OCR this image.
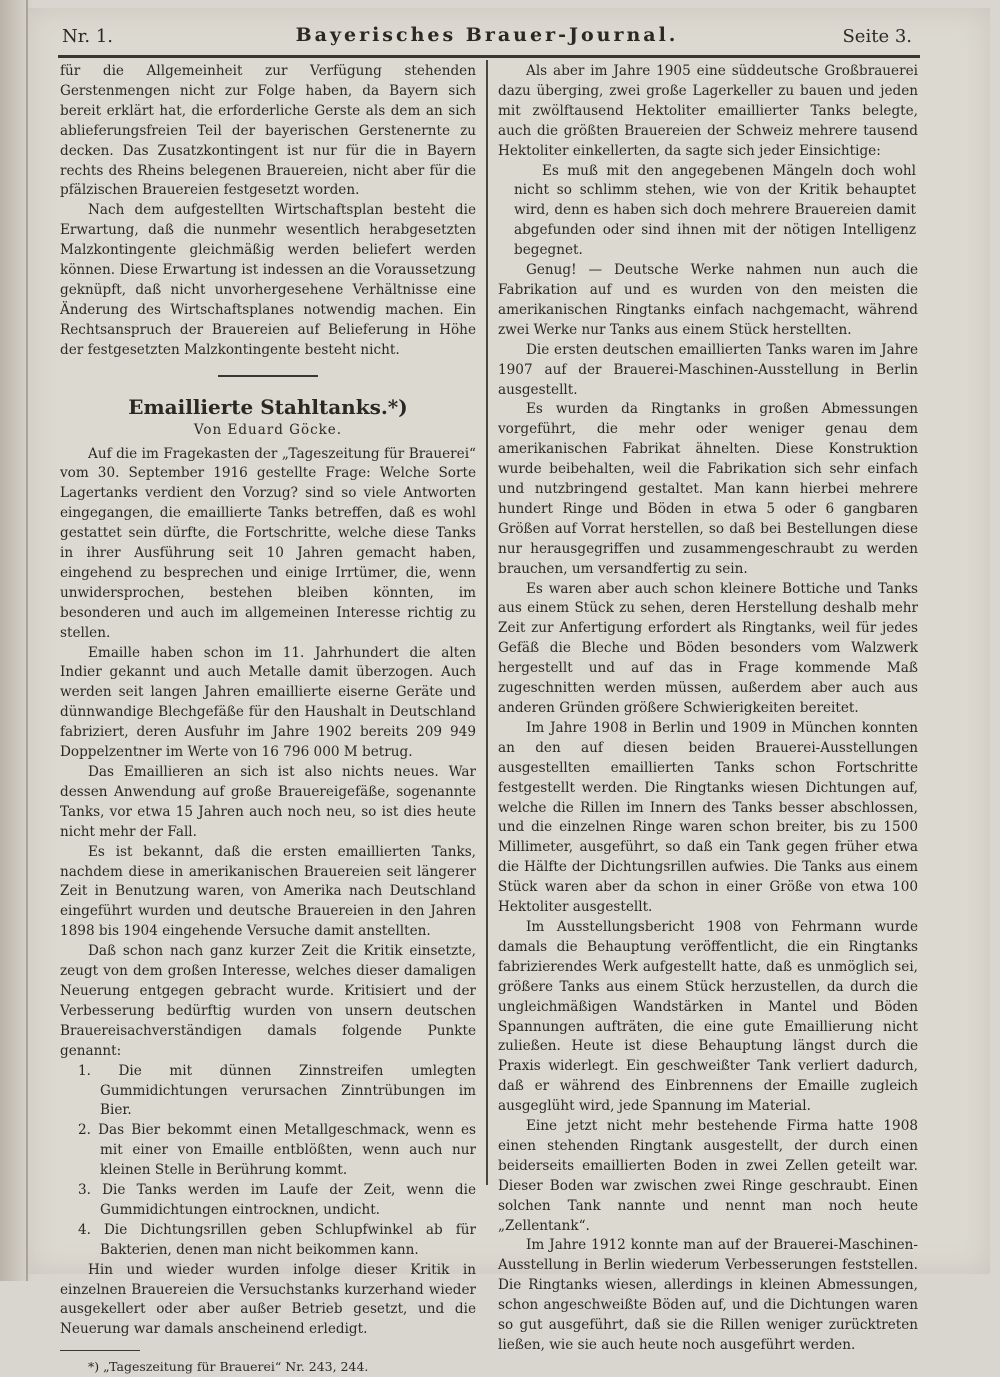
Nr. 1.	Bayerisches Brauer-Journal.	Seite 3.

für die Allgemeinheit zur Verfügung stehenden Gerstenmengen nicht zur Folge haben, da Bayern sich bereit erklärt hat, die erforderliche Gerste als dem an sich ablieferungsfreien Teil der bayerischen Gerstenernte zu decken. Das Zusatzkontingent ist nur für die in Bayern rechts des Rheins belegenen Brauereien, nicht aber für die pfälzischen Brauereien festgesetzt worden.

Nach dem aufgestellten Wirtschaftsplan besteht die Erwartung, daß die nunmehr wesentlich herabgesetzten Malzkontingente gleichmäßig werden beliefert werden können. Diese Erwartung ist indessen an die Voraussetzung geknüpft, daß nicht unvorhergesehene Verhältnisse eine Änderung des Wirtschaftsplanes notwendig machen. Ein Rechtsanspruch der Brauereien auf Belieferung in Höhe der festgesetzten Malzkontingente besteht nicht.

Emaillierte Stahltanks.*)
Von Eduard Göcke.

Auf die im Fragekasten der „Tageszeitung für Brauerei“ vom 30. September 1916 gestellte Frage: Welche Sorte Lagertanks verdient den Vorzug? sind so viele Antworten eingegangen, die emaillierte Tanks betreffen, daß es wohl gestattet sein dürfte, die Fortschritte, welche diese Tanks in ihrer Ausführung seit 10 Jahren gemacht haben, eingehend zu besprechen und einige Irrtümer, die, wenn unwidersprochen, bestehen bleiben könnten, im besonderen und auch im allgemeinen Interesse richtig zu stellen.

Emaille haben schon im 11. Jahrhundert die alten Indier gekannt und auch Metalle damit überzogen. Auch werden seit langen Jahren emaillierte eiserne Geräte und dünnwandige Blechgefäße für den Haushalt in Deutschland fabriziert, deren Ausfuhr im Jahre 1902 bereits 209 949 Doppelzentner im Werte von 16 796 000 M betrug.

Das Emaillieren an sich ist also nichts neues. War dessen Anwendung auf große Brauereigefäße, sogenannte Tanks, vor etwa 15 Jahren auch noch neu, so ist dies heute nicht mehr der Fall.

Es ist bekannt, daß die ersten emaillierten Tanks, nachdem diese in amerikanischen Brauereien seit längerer Zeit in Benutzung waren, von Amerika nach Deutschland eingeführt wurden und deutsche Brauereien in den Jahren 1898 bis 1904 eingehende Versuche damit anstellten.

Daß schon nach ganz kurzer Zeit die Kritik einsetzte, zeugt von dem großen Interesse, welches dieser damaligen Neuerung entgegen gebracht wurde. Kritisiert und der Verbesserung bedürftig wurden von unsern deutschen Brauereisachverständigen damals folgende Punkte genannt:

1. Die mit dünnen Zinnstreifen umlegten Gummidichtungen verursachen Zinntrübungen im Bier.

2. Das Bier bekommt einen Metallgeschmack, wenn es mit einer von Emaille entblößten, wenn auch nur kleinen Stelle in Berührung kommt.

3. Die Tanks werden im Laufe der Zeit, wenn die Gummidichtungen eintrocknen, undicht.

4. Die Dichtungsrillen geben Schlupfwinkel ab für Bakterien, denen man nicht beikommen kann.

Hin und wieder wurden infolge dieser Kritik in einzelnen Brauereien die Versuchstanks kurzerhand wieder ausgekellert oder aber außer Betrieb gesetzt, und die Neuerung war damals anscheinend erledigt.

*) „Tageszeitung für Brauerei“ Nr. 243, 244.

Als aber im Jahre 1905 eine süddeutsche Großbrauerei dazu überging, zwei große Lagerkeller zu bauen und jeden mit zwölftausend Hektoliter emaillierter Tanks belegte, auch die größten Brauereien der Schweiz mehrere tausend Hektoliter einkellerten, da sagte sich jeder Einsichtige:

Es muß mit den angegebenen Mängeln doch wohl nicht so schlimm stehen, wie von der Kritik behauptet wird, denn es haben sich doch mehrere Brauereien damit abgefunden oder sind ihnen mit der nötigen Intelligenz begegnet.

Genug! — Deutsche Werke nahmen nun auch die Fabrikation auf und es wurden von den meisten die amerikanischen Ringtanks einfach nachgemacht, während zwei Werke nur Tanks aus einem Stück herstellten.

Die ersten deutschen emaillierten Tanks waren im Jahre 1907 auf der Brauerei-Maschinen-Ausstellung in Berlin ausgestellt.

Es wurden da Ringtanks in großen Abmessungen vorgeführt, die mehr oder weniger genau dem amerikanischen Fabrikat ähnelten. Diese Konstruktion wurde beibehalten, weil die Fabrikation sich sehr einfach und nutzbringend gestaltet. Man kann hierbei mehrere hundert Ringe und Böden in etwa 5 oder 6 gangbaren Größen auf Vorrat herstellen, so daß bei Bestellungen diese nur herausgegriffen und zusammengeschraubt zu werden brauchen, um versandfertig zu sein.

Es waren aber auch schon kleinere Bottiche und Tanks aus einem Stück zu sehen, deren Herstellung deshalb mehr Zeit zur Anfertigung erfordert als Ringtanks, weil für jedes Gefäß die Bleche und Böden besonders vom Walzwerk hergestellt und auf das in Frage kommende Maß zugeschnitten werden müssen, außerdem aber auch aus anderen Gründen größere Schwierigkeiten bereitet.

Im Jahre 1908 in Berlin und 1909 in München konnten an den auf diesen beiden Brauerei-Ausstellungen ausgestellten emaillierten Tanks schon Fortschritte festgestellt werden. Die Ringtanks wiesen Dichtungen auf, welche die Rillen im Innern des Tanks besser abschlossen, und die einzelnen Ringe waren schon breiter, bis zu 1500 Millimeter, ausgeführt, so daß ein Tank gegen früher etwa die Hälfte der Dichtungsrillen aufwies. Die Tanks aus einem Stück waren aber da schon in einer Größe von etwa 100 Hektoliter ausgestellt.

Im Ausstellungsbericht 1908 von Fehrmann wurde damals die Behauptung veröffentlicht, die ein Ringtanks fabrizierendes Werk aufgestellt hatte, daß es unmöglich sei, größere Tanks aus einem Stück herzustellen, da durch die ungleichmäßigen Wandstärken in Mantel und Böden Spannungen aufträten, die eine gute Emaillierung nicht zuließen. Heute ist diese Behauptung längst durch die Praxis widerlegt. Ein geschweißter Tank verliert dadurch, daß er während des Einbrennens der Emaille zugleich ausgeglüht wird, jede Spannung im Material.

Eine jetzt nicht mehr bestehende Firma hatte 1908 einen stehenden Ringtank ausgestellt, der durch einen beiderseits emaillierten Boden in zwei Zellen geteilt war. Dieser Boden war zwischen zwei Ringe geschraubt. Einen solchen Tank nannte und nennt man noch heute „Zellentank“.

Im Jahre 1912 konnte man auf der Brauerei-Maschinen-Ausstellung in Berlin wiederum Verbesserungen feststellen. Die Ringtanks wiesen, allerdings in kleinen Abmessungen, schon angeschweißte Böden auf, und die Dichtungen waren so gut ausgeführt, daß sie die Rillen weniger zurücktreten ließen, wie sie auch heute noch ausgeführt werden.
